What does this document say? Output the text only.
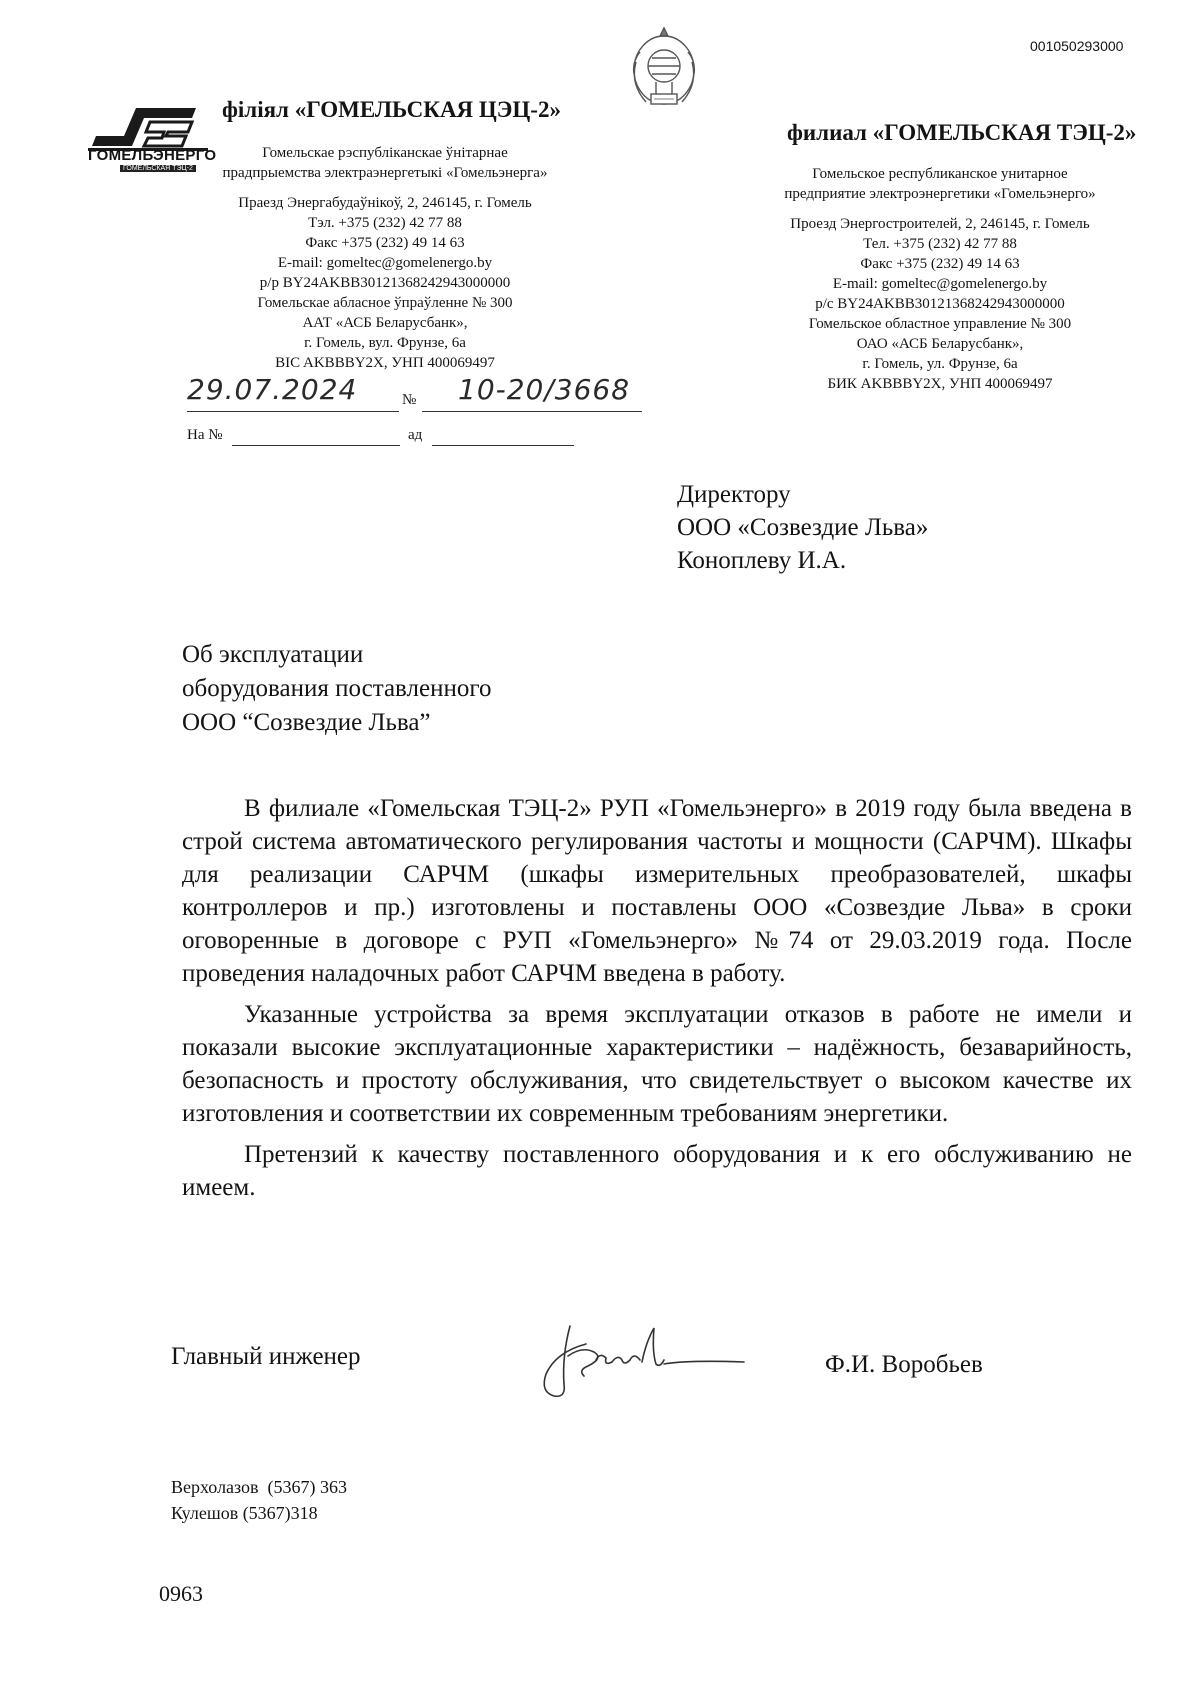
001050293000
ГОМЕЛЬЭНЕРГО
ГОМЕЛЬСКАЯ ТЭЦ-2
філіял «ГОМЕЛЬСКАЯ ЦЭЦ-2»
Гомельскае рэспубліканскае ўнітарнае
прадпрыемства электраэнергетыкі «Гомельэнерга»
Праезд Энергабудаўнікоў, 2, 246145, г. Гомель
Тэл. +375 (232) 42 77 88
Факс +375 (232) 49 14 63
E-mail: gomeltec@gomelenergo.by
р/р BY24AKBB30121368242943000000
Гомельскае абласное ўпраўленне № 300
ААТ «АСБ Беларусбанк»,
г. Гомель, вул. Фрунзе, 6а
BIC AKBBBY2X, УНП 400069497
филиал «ГОМЕЛЬСКАЯ ТЭЦ-2»
Гомельское республиканское унитарное
предприятие электроэнергетики «Гомельэнерго»
Проезд Энергостроителей, 2, 246145, г. Гомель
Тел. +375 (232) 42 77 88
Факс +375 (232) 49 14 63
E-mail: gomeltec@gomelenergo.by
р/с BY24AKBB30121368242943000000
Гомельское областное управление № 300
ОАО «АСБ Беларусбанк»,
г. Гомель, ул. Фрунзе, 6а
БИК AKBBBY2X, УНП 400069497
29.07.2024	№ 10-20/3668
На №	ад
Директору
ООО «Созвездие Льва»
Коноплеву И.А.
Об эксплуатации
оборудования поставленного
ООО “Созвездие Льва”

В филиале «Гомельская ТЭЦ-2» РУП «Гомельэнерго» в 2019 году была введена в строй система автоматического регулирования частоты и мощности (САРЧМ). Шкафы для реализации САРЧМ (шкафы измерительных преобразователей, шкафы контроллеров и пр.) изготовлены и поставлены ООО «Созвездие Льва» в сроки оговоренные в договоре с РУП «Гомельэнерго» №74 от 29.03.2019 года. После проведения наладочных работ САРЧМ введена в работу.

Указанные устройства за время эксплуатации отказов в работе не имели и показали высокие эксплуатационные характеристики – надёжность, безаварийность, безопасность и простоту обслуживания, что свидетельствует о высоком качестве их изготовления и соответствии их современным требованиям энергетики.

Претензий к качеству поставленного оборудования и к его обслуживанию не имеем.

Главный инженер	Ф.И. Воробьев
Верхолазов  (5367) 363
Кулешов (5367)318
0963
